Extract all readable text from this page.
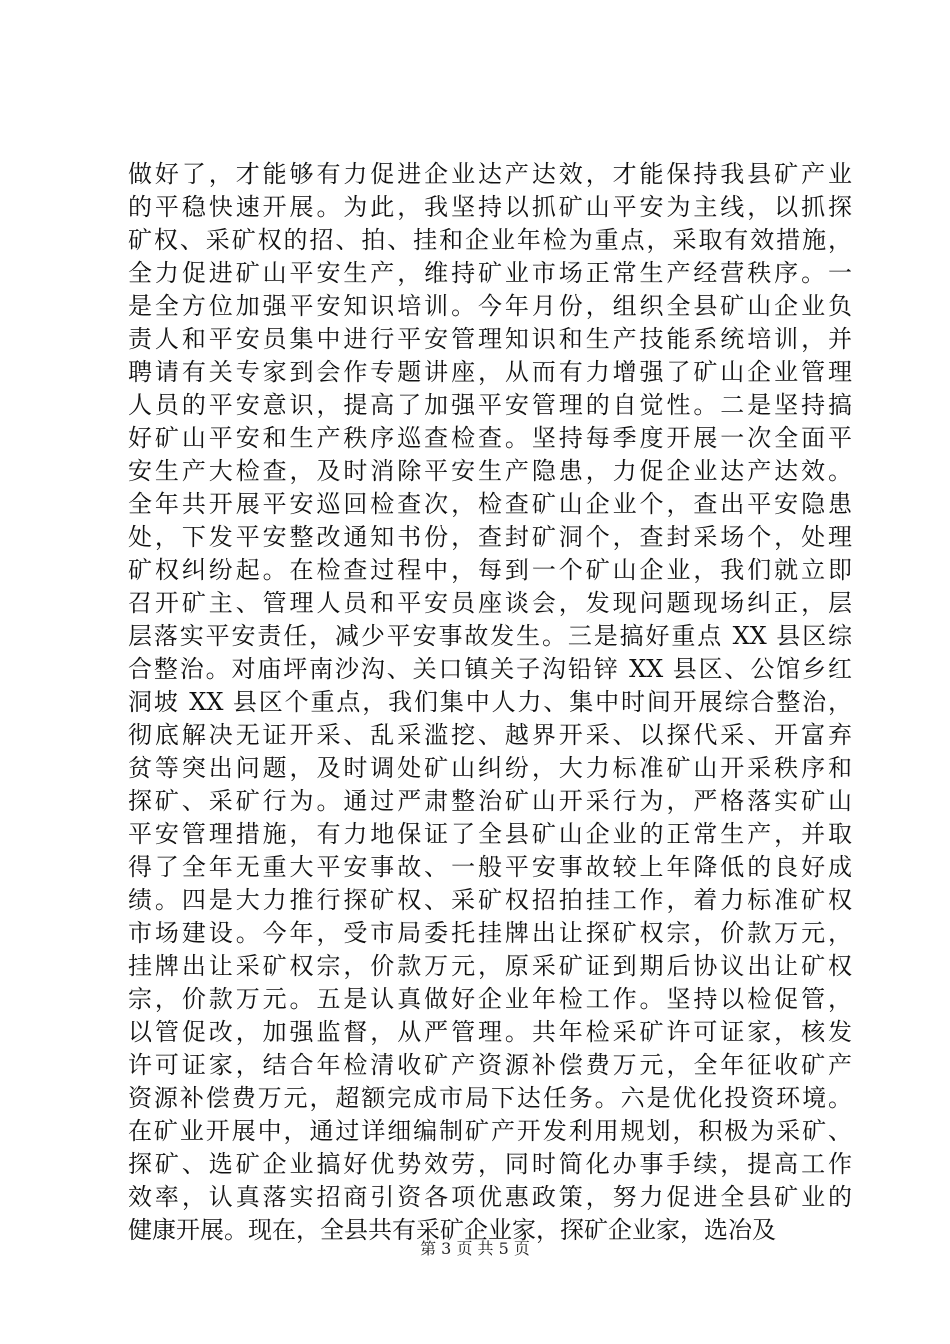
做好了，才能够有力促进企业达产达效，才能保持我县矿产业
的平稳快速开展。为此，我坚持以抓矿山平安为主线，以抓探
矿权、采矿权的招、拍、挂和企业年检为重点，采取有效措施，
全力促进矿山平安生产，维持矿业市场正常生产经营秩序。一
是全方位加强平安知识培训。今年月份，组织全县矿山企业负
责人和平安员集中进行平安管理知识和生产技能系统培训，并
聘请有关专家到会作专题讲座，从而有力增强了矿山企业管理
人员的平安意识，提高了加强平安管理的自觉性。二是坚持搞
好矿山平安和生产秩序巡查检查。坚持每季度开展一次全面平
安生产大检查，及时消除平安生产隐患，力促企业达产达效。
全年共开展平安巡回检查次，检查矿山企业个，查出平安隐患
处，下发平安整改通知书份，查封矿洞个，查封采场个，处理
矿权纠纷起。在检查过程中，每到一个矿山企业，我们就立即
召开矿主、管理人员和平安员座谈会，发现问题现场纠正，层
层落实平安责任，减少平安事故发生。三是搞好重点 XX 县区综
合整治。对庙坪南沙沟、关口镇关子沟铅锌 XX 县区、公馆乡红
洞坡 XX 县区个重点，我们集中人力、集中时间开展综合整治，
彻底解决无证开采、乱采滥挖、越界开采、以探代采、开富弃
贫等突出问题，及时调处矿山纠纷，大力标准矿山开采秩序和
探矿、采矿行为。通过严肃整治矿山开采行为，严格落实矿山
平安管理措施，有力地保证了全县矿山企业的正常生产，并取
得了全年无重大平安事故、一般平安事故较上年降低的良好成
绩。四是大力推行探矿权、采矿权招拍挂工作，着力标准矿权
市场建设。今年，受市局委托挂牌出让探矿权宗，价款万元，
挂牌出让采矿权宗，价款万元，原采矿证到期后协议出让矿权
宗，价款万元。五是认真做好企业年检工作。坚持以检促管，
以管促改，加强监督，从严管理。共年检采矿许可证家，核发
许可证家，结合年检清收矿产资源补偿费万元，全年征收矿产
资源补偿费万元，超额完成市局下达任务。六是优化投资环境。
在矿业开展中，通过详细编制矿产开发利用规划，积极为采矿、
探矿、选矿企业搞好优势效劳，同时简化办事手续，提高工作
效率，认真落实招商引资各项优惠政策，努力促进全县矿业的
健康开展。现在，全县共有采矿企业家，探矿企业家，选冶及
第 3 页 共 5 页
